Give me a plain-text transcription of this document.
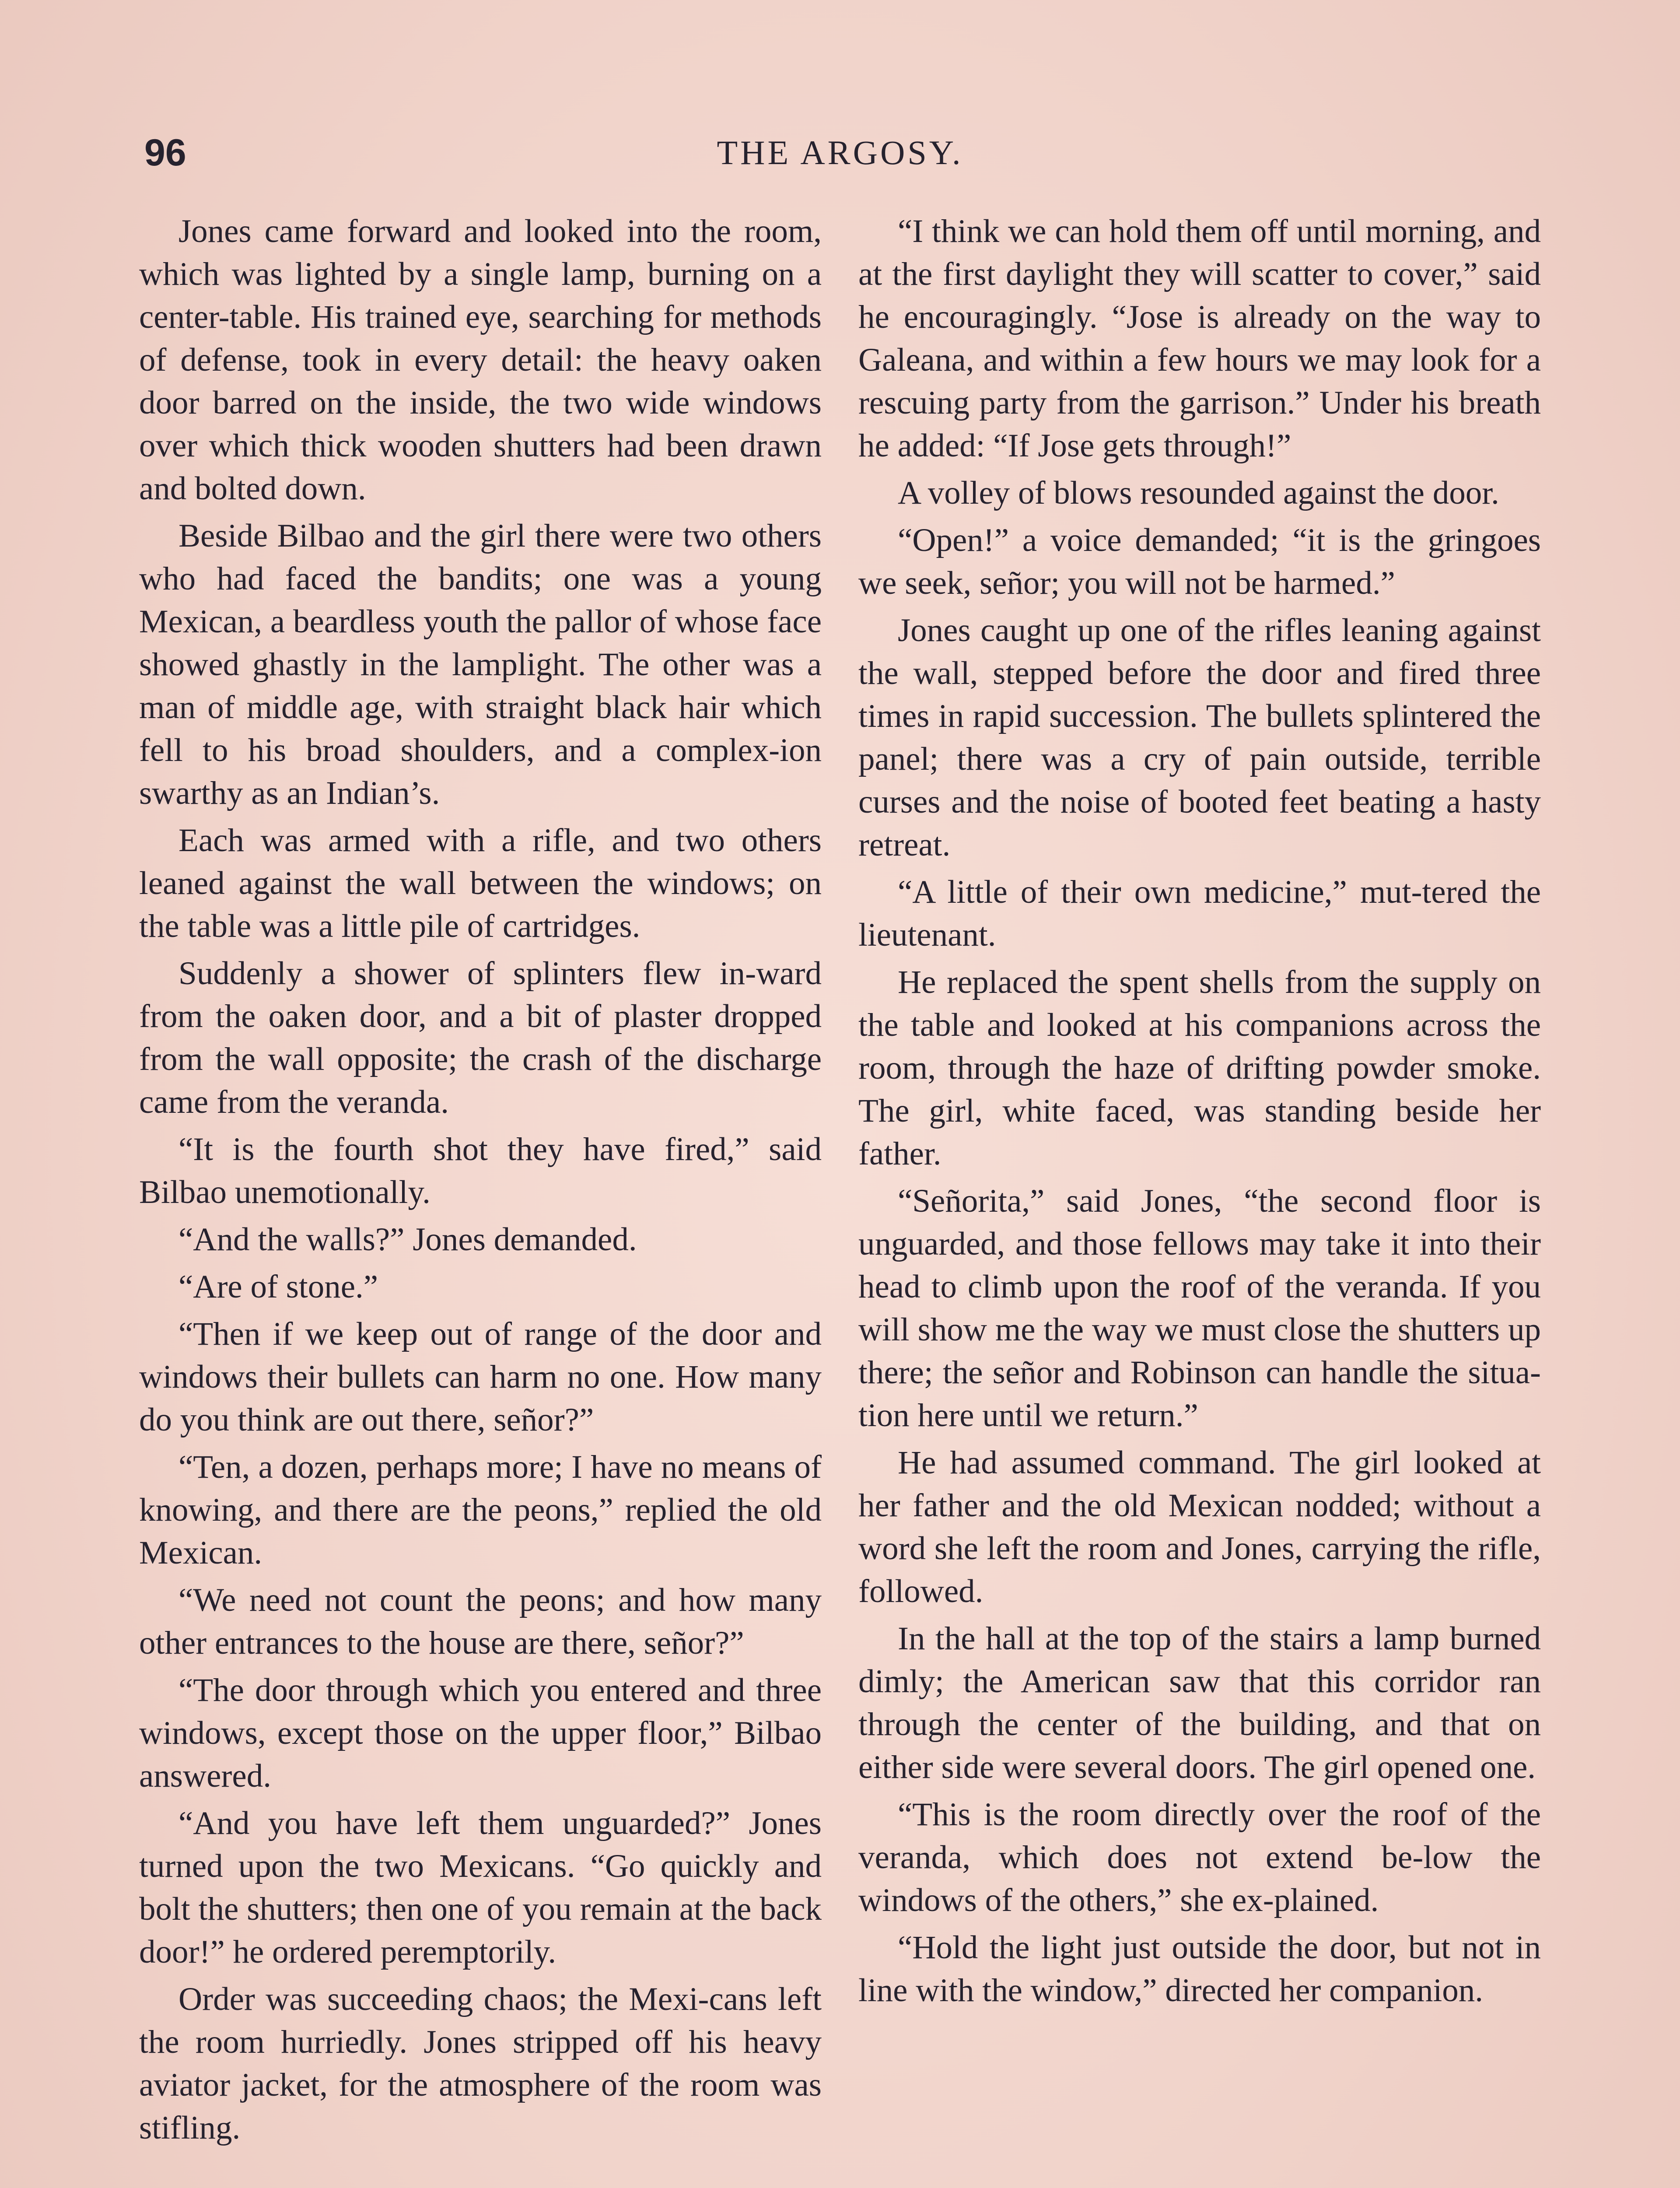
96	THE ARGOSY.

Jones came forward and looked into the room, which was lighted by a single lamp, burning on a center-table. His trained eye, searching for methods of defense, took in every detail: the heavy oaken door barred on the inside, the two wide windows over which thick wooden shutters had been drawn and bolted down.

Beside Bilbao and the girl there were two others who had faced the bandits; one was a young Mexican, a beardless youth the pallor of whose face showed ghastly in the lamplight. The other was a man of middle age, with straight black hair which fell to his broad shoulders, and a complex-ion swarthy as an Indian’s.

Each was armed with a rifle, and two others leaned against the wall between the windows; on the table was a little pile of cartridges.

Suddenly a shower of splinters flew in-ward from the oaken door, and a bit of plaster dropped from the wall opposite; the crash of the discharge came from the veranda.

“It is the fourth shot they have fired,” said Bilbao unemotionally.

“And the walls?” Jones demanded.

“Are of stone.”

“Then if we keep out of range of the door and windows their bullets can harm no one. How many do you think are out there, señor?”

“Ten, a dozen, perhaps more; I have no means of knowing, and there are the peons,” replied the old Mexican.

“We need not count the peons; and how many other entrances to the house are there, señor?”

“The door through which you entered and three windows, except those on the upper floor,” Bilbao answered.

“And you have left them unguarded?” Jones turned upon the two Mexicans. “Go quickly and bolt the shutters; then one of you remain at the back door!” he ordered peremptorily.

Order was succeeding chaos; the Mexi-cans left the room hurriedly. Jones stripped off his heavy aviator jacket, for the atmosphere of the room was stifling.

“I think we can hold them off until morning, and at the first daylight they will scatter to cover,” said he encouragingly. “Jose is already on the way to Galeana, and within a few hours we may look for a rescuing party from the garrison.” Under his breath he added: “If Jose gets through!”

A volley of blows resounded against the door.

“Open!” a voice demanded; “it is the gringoes we seek, señor; you will not be harmed.”

Jones caught up one of the rifles leaning against the wall, stepped before the door and fired three times in rapid succession. The bullets splintered the panel; there was a cry of pain outside, terrible curses and the noise of booted feet beating a hasty retreat.

“A little of their own medicine,” mut-tered the lieutenant.

He replaced the spent shells from the supply on the table and looked at his companions across the room, through the haze of drifting powder smoke. The girl, white faced, was standing beside her father.

“Señorita,” said Jones, “the second floor is unguarded, and those fellows may take it into their head to climb upon the roof of the veranda. If you will show me the way we must close the shutters up there; the señor and Robinson can handle the situa-tion here until we return.”

He had assumed command. The girl looked at her father and the old Mexican nodded; without a word she left the room and Jones, carrying the rifle, followed.

In the hall at the top of the stairs a lamp burned dimly; the American saw that this corridor ran through the center of the building, and that on either side were several doors. The girl opened one.

“This is the room directly over the roof of the veranda, which does not extend be-low the windows of the others,” she ex-plained.

“Hold the light just outside the door, but not in line with the window,” directed her companion.
